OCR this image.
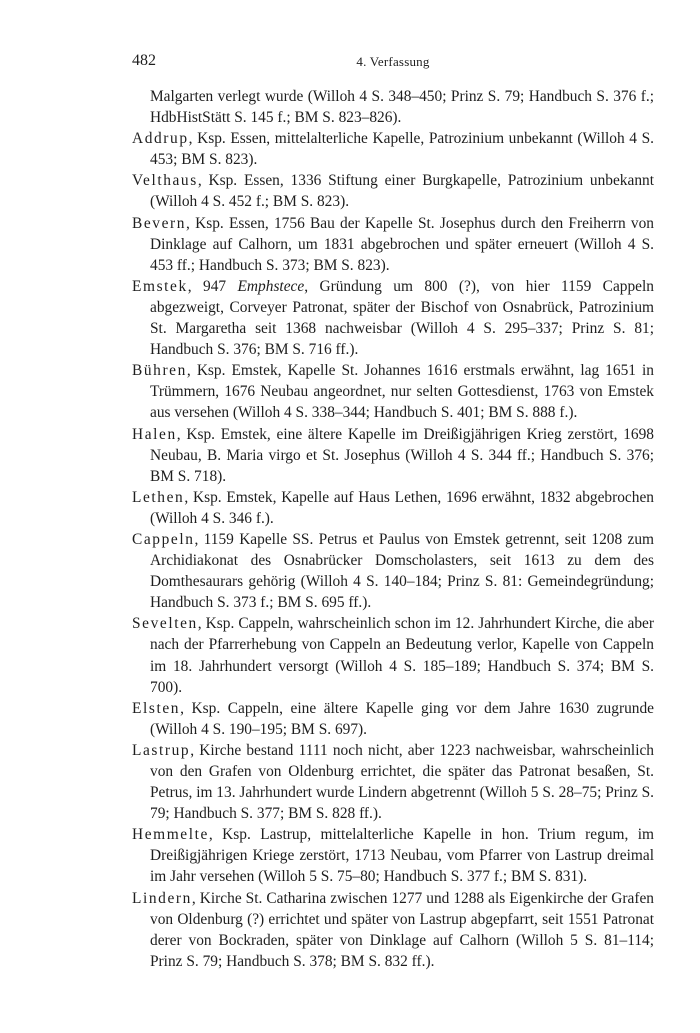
482	4. Verfassung

Malgarten verlegt wurde (Willoh 4 S. 348–450; Prinz S. 79; Handbuch S. 376 f.; HdbHistStätt S. 145 f.; BM S. 823–826).

Addrup, Ksp. Essen, mittelalterliche Kapelle, Patrozinium unbekannt (Willoh 4 S. 453; BM S. 823).

Velthaus, Ksp. Essen, 1336 Stiftung einer Burgkapelle, Patrozinium unbekannt (Willoh 4 S. 452 f.; BM S. 823).

Bevern, Ksp. Essen, 1756 Bau der Kapelle St. Josephus durch den Freiherrn von Dinklage auf Calhorn, um 1831 abgebrochen und später erneuert (Willoh 4 S. 453 ff.; Handbuch S. 373; BM S. 823).

Emstek, 947 Emphstece, Gründung um 800 (?), von hier 1159 Cappeln abgezweigt, Corveyer Patronat, später der Bischof von Osnabrück, Patrozinium St. Margaretha seit 1368 nachweisbar (Willoh 4 S. 295–337; Prinz S. 81; Handbuch S. 376; BM S. 716 ff.).

Bühren, Ksp. Emstek, Kapelle St. Johannes 1616 erstmals erwähnt, lag 1651 in Trümmern, 1676 Neubau angeordnet, nur selten Gottesdienst, 1763 von Emstek aus versehen (Willoh 4 S. 338–344; Handbuch S. 401; BM S. 888 f.).

Halen, Ksp. Emstek, eine ältere Kapelle im Dreißigjährigen Krieg zerstört, 1698 Neubau, B. Maria virgo et St. Josephus (Willoh 4 S. 344 ff.; Handbuch S. 376; BM S. 718).

Lethen, Ksp. Emstek, Kapelle auf Haus Lethen, 1696 erwähnt, 1832 abgebrochen (Willoh 4 S. 346 f.).

Cappeln, 1159 Kapelle SS. Petrus et Paulus von Emstek getrennt, seit 1208 zum Archidiakonat des Osnabrücker Domscholasters, seit 1613 zu dem des Domthesaurars gehörig (Willoh 4 S. 140–184; Prinz S. 81: Gemeindegründung; Handbuch S. 373 f.; BM S. 695 ff.).

Sevelten, Ksp. Cappeln, wahrscheinlich schon im 12. Jahrhundert Kirche, die aber nach der Pfarrerhebung von Cappeln an Bedeutung verlor, Kapelle von Cappeln im 18. Jahrhundert versorgt (Willoh 4 S. 185–189; Handbuch S. 374; BM S. 700).

Elsten, Ksp. Cappeln, eine ältere Kapelle ging vor dem Jahre 1630 zugrunde (Willoh 4 S. 190–195; BM S. 697).

Lastrup, Kirche bestand 1111 noch nicht, aber 1223 nachweisbar, wahrscheinlich von den Grafen von Oldenburg errichtet, die später das Patronat besaßen, St. Petrus, im 13. Jahrhundert wurde Lindern abgetrennt (Willoh 5 S. 28–75; Prinz S. 79; Handbuch S. 377; BM S. 828 ff.).

Hemmelte, Ksp. Lastrup, mittelalterliche Kapelle in hon. Trium regum, im Dreißigjährigen Kriege zerstört, 1713 Neubau, vom Pfarrer von Lastrup dreimal im Jahr versehen (Willoh 5 S. 75–80; Handbuch S. 377 f.; BM S. 831).

Lindern, Kirche St. Catharina zwischen 1277 und 1288 als Eigenkirche der Grafen von Oldenburg (?) errichtet und später von Lastrup abgepfarrt, seit 1551 Patronat derer von Bockraden, später von Dinklage auf Calhorn (Willoh 5 S. 81–114; Prinz S. 79; Handbuch S. 378; BM S. 832 ff.).
